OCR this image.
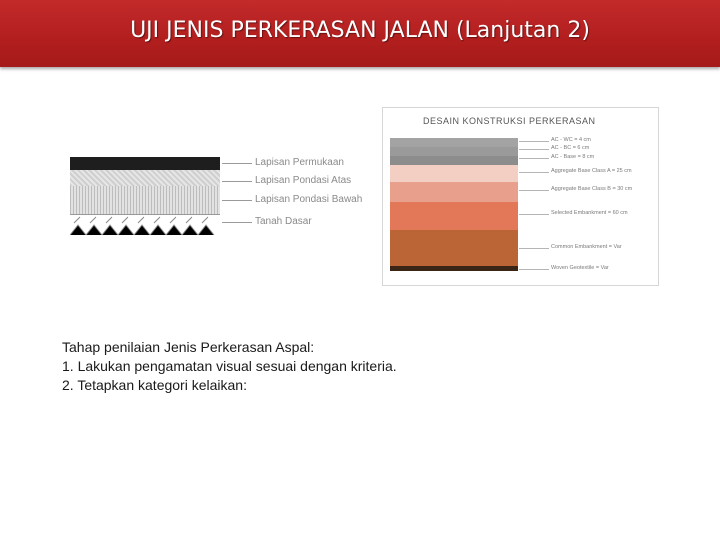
UJI JENIS PERKERASAN JALAN (Lanjutan 2)
Lapisan Permukaan
Lapisan Pondasi Atas
Lapisan Pondasi Bawah
Tanah Dasar
DESAIN KONSTRUKSI PERKERASAN
AC - WC = 4 cm
AC - BC = 6 cm
AC - Base = 8 cm
Aggregate Base Class A = 25 cm
Aggregate Base Class B = 30 cm
Selected Embankment = 60 cm
Common Embankment = Var
Woven Geotextile = Var
Tahap penilaian Jenis Perkerasan Aspal:
1. Lakukan pengamatan visual sesuai dengan kriteria.
2. Tetapkan kategori kelaikan:
